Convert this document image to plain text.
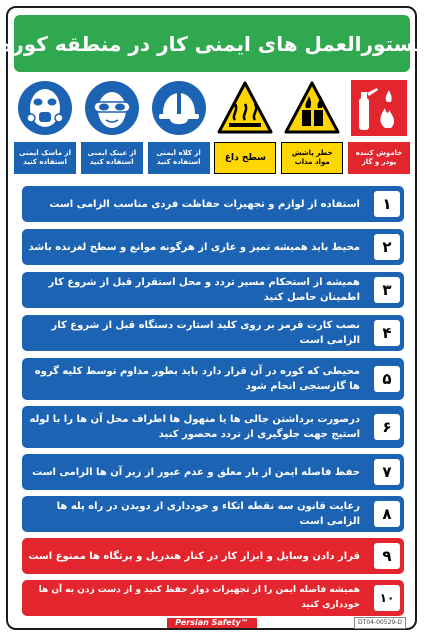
دستورالعمل های ایمنی کار در منطقه کوره
خاموش کننده پودر و گاز
خطر پاشش مواد مذاب
سطح داغ
از کلاه ایمنی استفاده کنید
از عینک ایمنی استفاده کنید
از ماسک ایمنی استفاده کنید
۱
استفاده از لوازم و تجهیزات حفاظت فردی مناسب الزامی است
۲
محیط باید همیشه تمیز و عاری از هرگونه موانع و سطح لغزنده باشد
۳
همیشه از استحکام مسیر تردد و محل استقرار قبل از شروع کار اطمینان حاصل کنید
۴
نصب کارت قرمز بر روی کلید استارت دستگاه قبل از شروع کار الزامی است
۵
محیطی که کوره در آن قرار دارد باید بطور مداوم توسط کلیه گروه ها گازسنجی انجام شود
۶
درصورت برداشتن جالی ها یا منهول ها اطراف محل آن ها را با لوله استیج جهت جلوگیری از تردد محصور کنید
۷
حفظ فاصله ایمن از بار معلق و عدم عبور از زیر آن ها الزامی است
۸
رعایت قانون سه نقطه اتکاء و خودداری از دویدن در راه پله ها الزامی است
۹
قرار دادن وسایل و ابزار کار در کنار هندریل و پرتگاه ها ممنوع است
۱۰
همیشه فاصله ایمن را از تجهیزات دوار حفظ کنید و از دست زدن به آن ها خودداری کنید
Persian Safety™	DT04-00529-D
